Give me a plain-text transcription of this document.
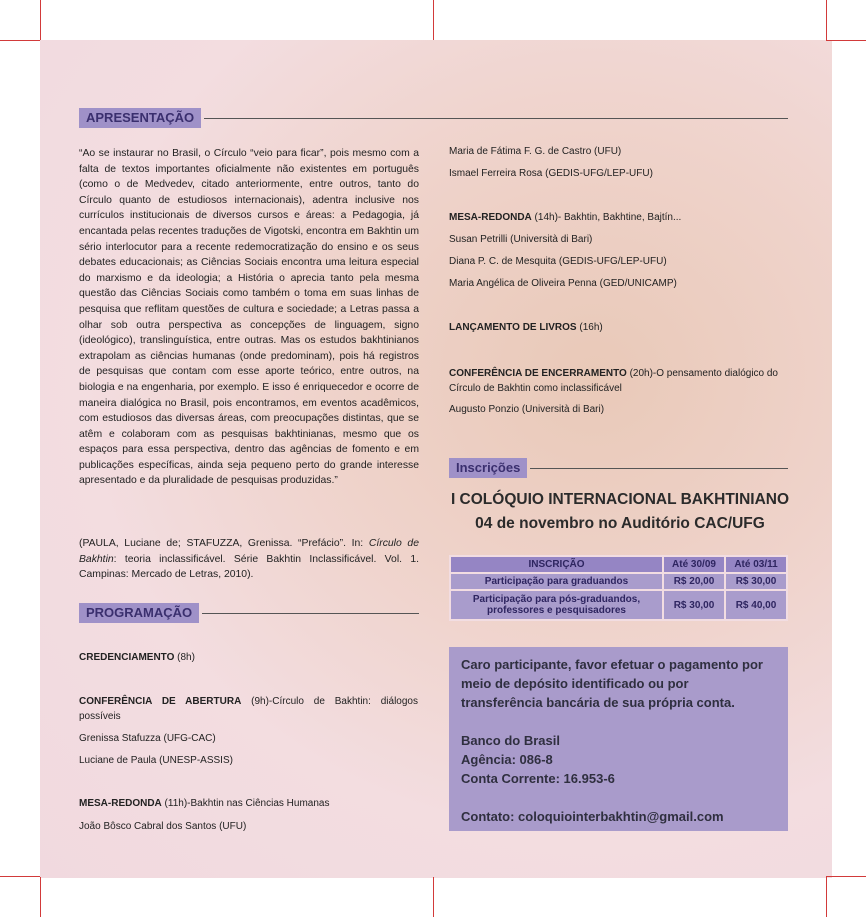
APRESENTAÇÃO
“Ao se instaurar no Brasil, o Círculo “veio para ficar”, pois mesmo com a falta de textos importantes oficialmente não existentes em português (como o de Medvedev, citado anteriormente, entre outros, tanto do Círculo quanto de estudiosos internacionais), adentra inclusive nos currículos institucionais de diversos cursos e áreas: a Pedagogia, já encantada pelas recentes traduções de Vigotski, encontra em Bakhtin um sério interlocutor para a recente redemocratização do ensino e os seus debates educacionais; as Ciências Sociais encontra uma leitura especial do marxismo e da ideologia; a História o aprecia tanto pela mesma questão das Ciências Sociais como também o toma em suas linhas de pesquisa que reflitam questões de cultura e sociedade; a Letras passa a olhar sob outra perspectiva as concepções de linguagem, signo (ideológico), translinguística, entre outras. Mas os estudos bakhtinianos extrapolam as ciências humanas (onde predominam), pois há registros de pesquisas que contam com esse aporte teórico, entre outros, na biologia e na engenharia, por exemplo. E isso é enriquecedor e ocorre de maneira dialógica no Brasil, pois encontramos, em eventos acadêmicos, com estudiosos das diversas áreas, com preocupações distintas, que se atêm e colaboram com as pesquisas bakhtinianas, mesmo que os espaços para essa perspectiva, dentro das agências de fomento e em publicações específicas, ainda seja pequeno perto do grande interesse apresentado e da pluralidade de pesquisas produzidas.”
(PAULA, Luciane de; STAFUZZA, Grenissa. “Prefácio”. In: Círculo de Bakhtin: teoria inclassificável. Série Bakhtin Inclassificável. Vol. 1. Campinas: Mercado de Letras, 2010).
PROGRAMAÇÃO
CREDENCIAMENTO (8h)
CONFERÊNCIA DE ABERTURA (9h)-Círculo de Bakhtin: diálogos possíveis
Grenissa Stafuzza (UFG-CAC)
Luciane de Paula (UNESP-ASSIS)
MESA-REDONDA (11h)-Bakhtin nas Ciências Humanas
João Bôsco Cabral dos Santos (UFU)
Maria de Fátima F. G. de Castro (UFU)
Ismael Ferreira Rosa (GEDIS-UFG/LEP-UFU)
MESA-REDONDA (14h)- Bakhtin, Bakhtine, Bajtín...
Susan Petrilli (Università di Bari)
Diana P. C. de Mesquita (GEDIS-UFG/LEP-UFU)
Maria Angélica de Oliveira Penna (GED/UNICAMP)
LANÇAMENTO DE LIVROS (16h)
CONFERÊNCIA DE ENCERRAMENTO (20h)-O pensamento dialógico do Círculo de Bakhtin como inclassificável
Augusto Ponzio (Università di Bari)
Inscrições
I COLÓQUIO INTERNACIONAL BAKHTINIANO
04 de novembro no Auditório CAC/UFG
INSCRIÇÃO	Até 30/09	Até 03/11
Participação para graduandos	R$ 20,00	R$ 30,00
Participação para pós-graduandos, professores e pesquisadores	R$ 30,00	R$ 40,00
Caro participante, favor efetuar o pagamento por
meio de depósito identificado ou por
transferência bancária de sua própria conta.
Banco do Brasil
Agência: 086-8
Conta Corrente: 16.953-6
Contato: coloquiointerbakhtin@gmail.com
